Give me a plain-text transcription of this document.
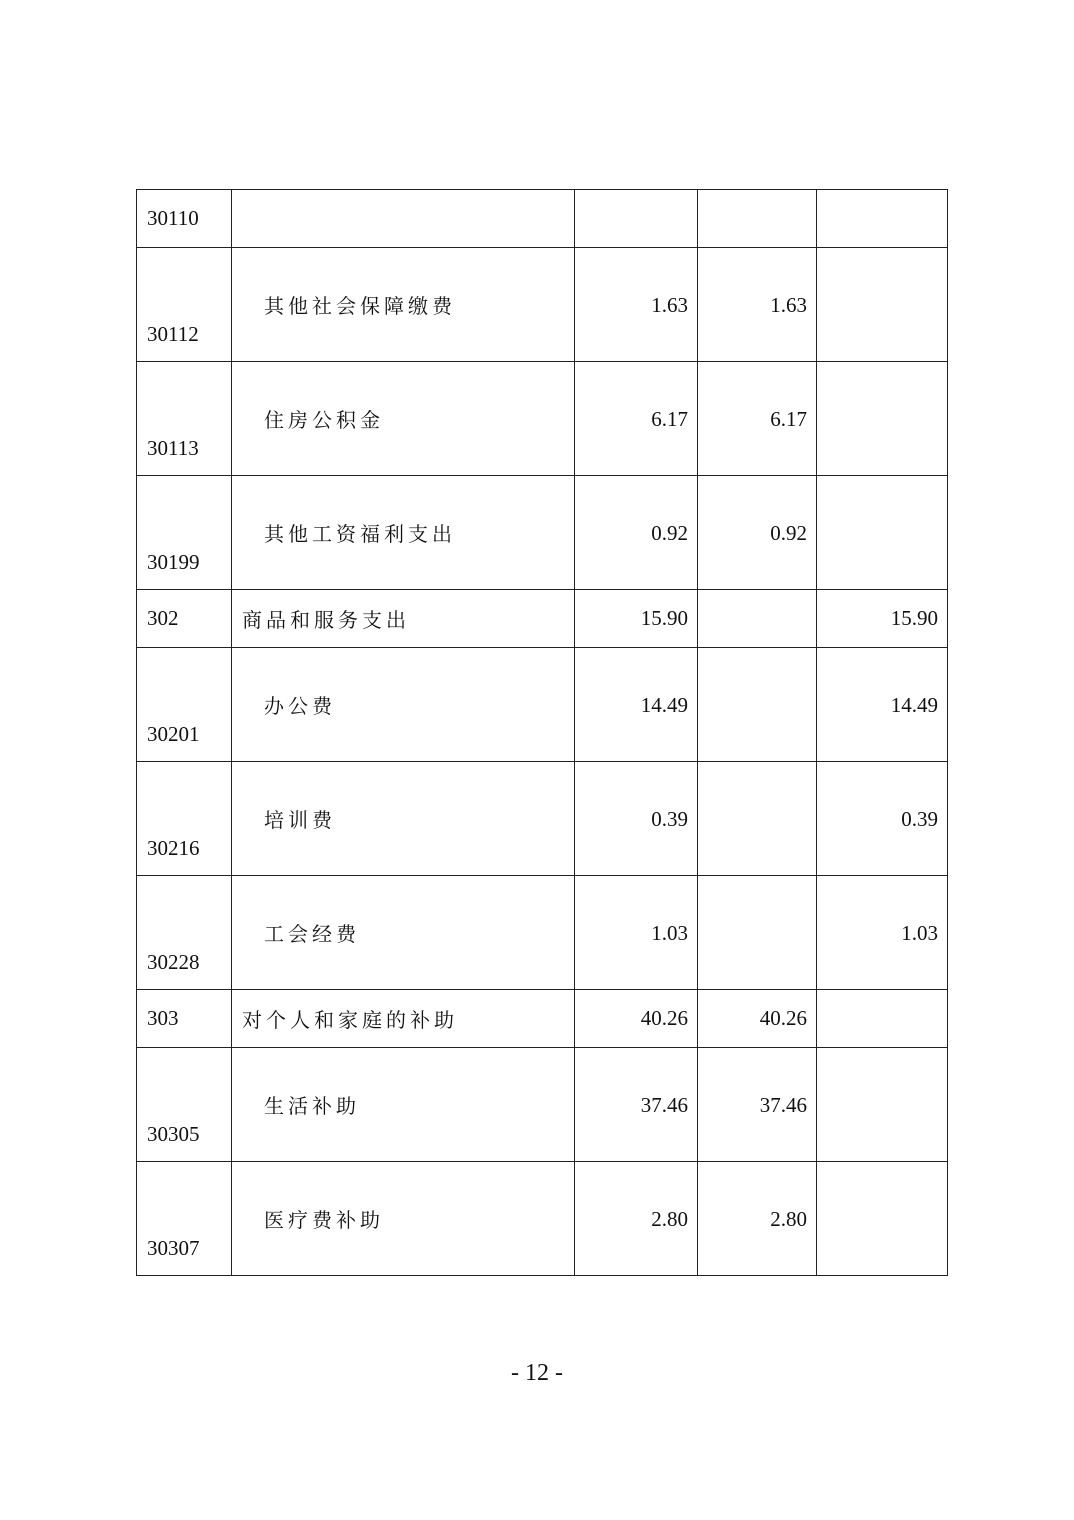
30110				
30112	其他社会保障缴费	1.63	1.63	
30113	住房公积金	6.17	6.17	
30199	其他工资福利支出	0.92	0.92	
302	商品和服务支出	15.90		15.90
30201	办公费	14.49		14.49
30216	培训费	0.39		0.39
30228	工会经费	1.03		1.03
303	对个人和家庭的补助	40.26	40.26	
30305	生活补助	37.46	37.46	
30307	医疗费补助	2.80	2.80	
- 12 -
